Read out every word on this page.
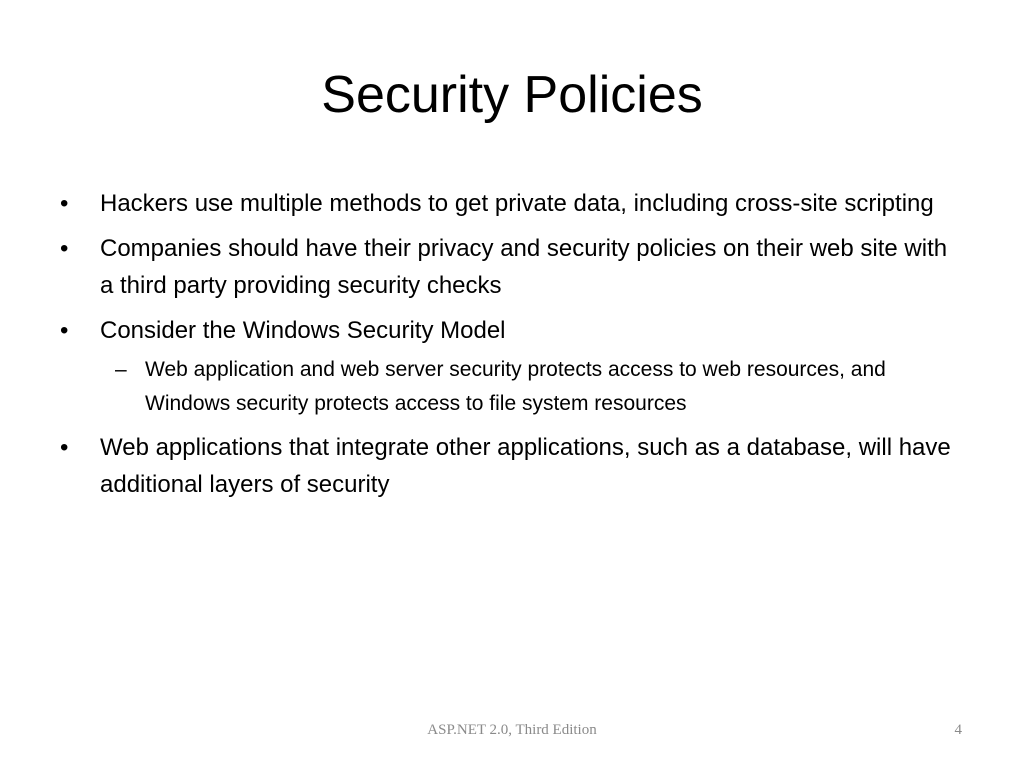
Security Policies
•	Hackers use multiple methods to get private data, including cross-site scripting
•	Companies should have their privacy and security policies on their web site with a third party providing security checks
•	Consider the Windows Security Model
– Web application and web server security protects access to web resources, and Windows security protects access to file system resources
•	Web applications that integrate other applications, such as a database, will have additional layers of security
ASP.NET 2.0, Third Edition	4
